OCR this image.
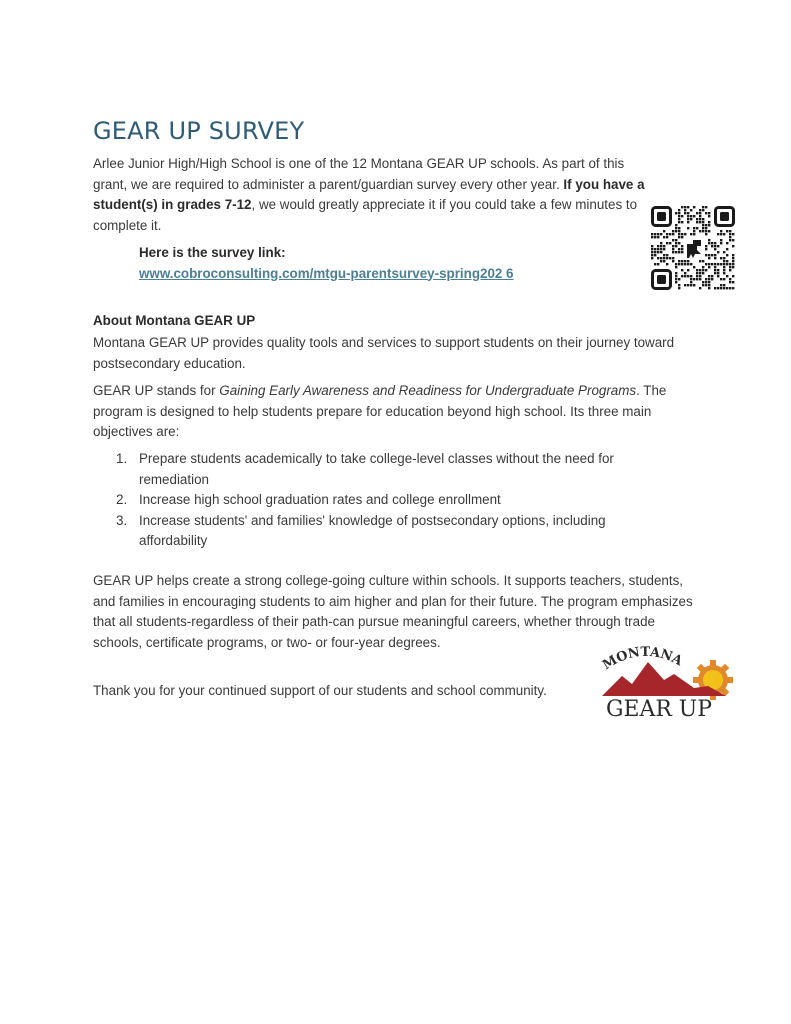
GEAR UP SURVEY

Arlee Junior High/High School is one of the 12 Montana GEAR UP schools. As part of this grant, we are required to administer a parent/guardian survey every other year. If you have a student(s) in grades 7-12, we would greatly appreciate it if you could take a few minutes to complete it.

Here is the survey link:
www.cobroconsulting.com/mtgu-parentsurvey-spring202 6
About Montana GEAR UP

Montana GEAR UP provides quality tools and services to support students on their journey toward postsecondary education.

GEAR UP stands for Gaining Early Awareness and Readiness for Undergraduate Programs. The program is designed to help students prepare for education beyond high school. Its three main objectives are:

1. Prepare students academically to take college-level classes without the need for remediation
2. Increase high school graduation rates and college enrollment
3. Increase students' and families' knowledge of postsecondary options, including affordability

GEAR UP helps create a strong college-going culture within schools. It supports teachers, students, and families in encouraging students to aim higher and plan for their future. The program emphasizes that all students-regardless of their path-can pursue meaningful careers, whether through trade schools, certificate programs, or two- or four-year degrees.

Thank you for your continued support of our students and school community.

MONTANA
GEAR UP
